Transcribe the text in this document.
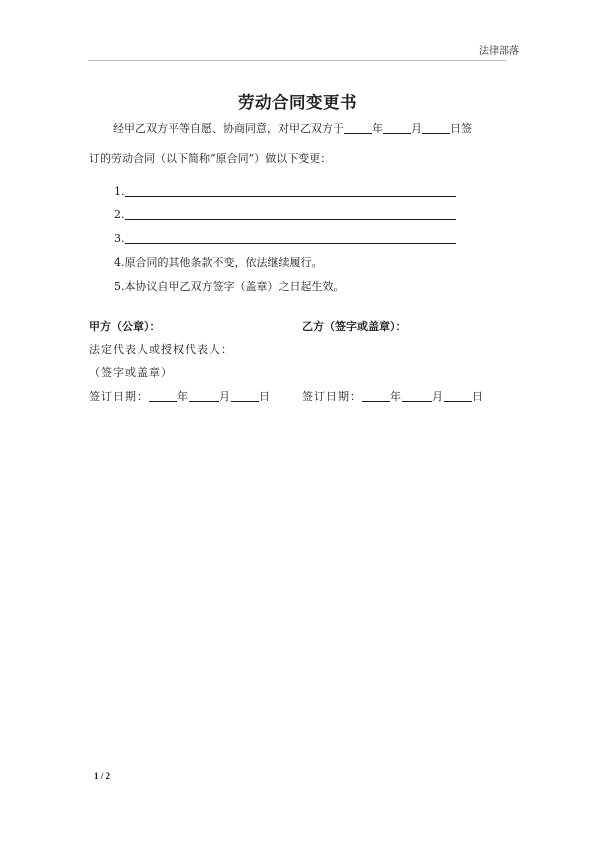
法律部落
劳动合同变更书
经甲乙双方平等自愿、协商同意，对甲乙双方于	年	月	日签
订的劳动合同（以下简称“原合同”）做以下变更：
1.
2.
3.
4.原合同的其他条款不变，依法继续履行。
5.本协议自甲乙双方签字（盖章）之日起生效。
甲方（公章）：	乙方（签字或盖章）：
法定代表人或授权代表人：
（签字或盖章）
签订日期：	年	月	日	签订日期：	年	月	日
1 / 2
